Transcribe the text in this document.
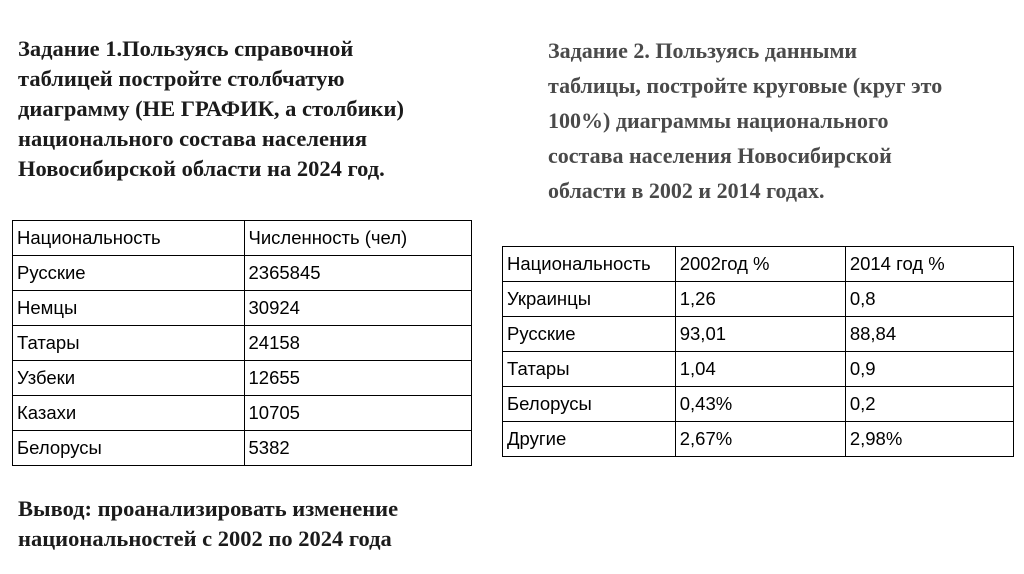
Задание 1.Пользуясь справочной
таблицей постройте столбчатую
диаграмму (НЕ ГРАФИК, а столбики)
национального состава населения
Новосибирской области на 2024 год.
Задание 2. Пользуясь данными
таблицы, постройте круговые (круг это
100%) диаграммы национального
состава населения Новосибирской
области в 2002 и 2014 годах.
Национальность	Численность (чел)
Русские	2365845
Немцы	30924
Татары	24158
Узбеки	12655
Казахи	10705
Белорусы	5382
Национальность	2002год %	2014 год %
Украинцы	1,26	0,8
Русские	93,01	88,84
Татары	1,04	0,9
Белорусы	0,43%	0,2
Другие	2,67%	2,98%
Вывод: проанализировать изменение
национальностей с 2002 по 2024 года
